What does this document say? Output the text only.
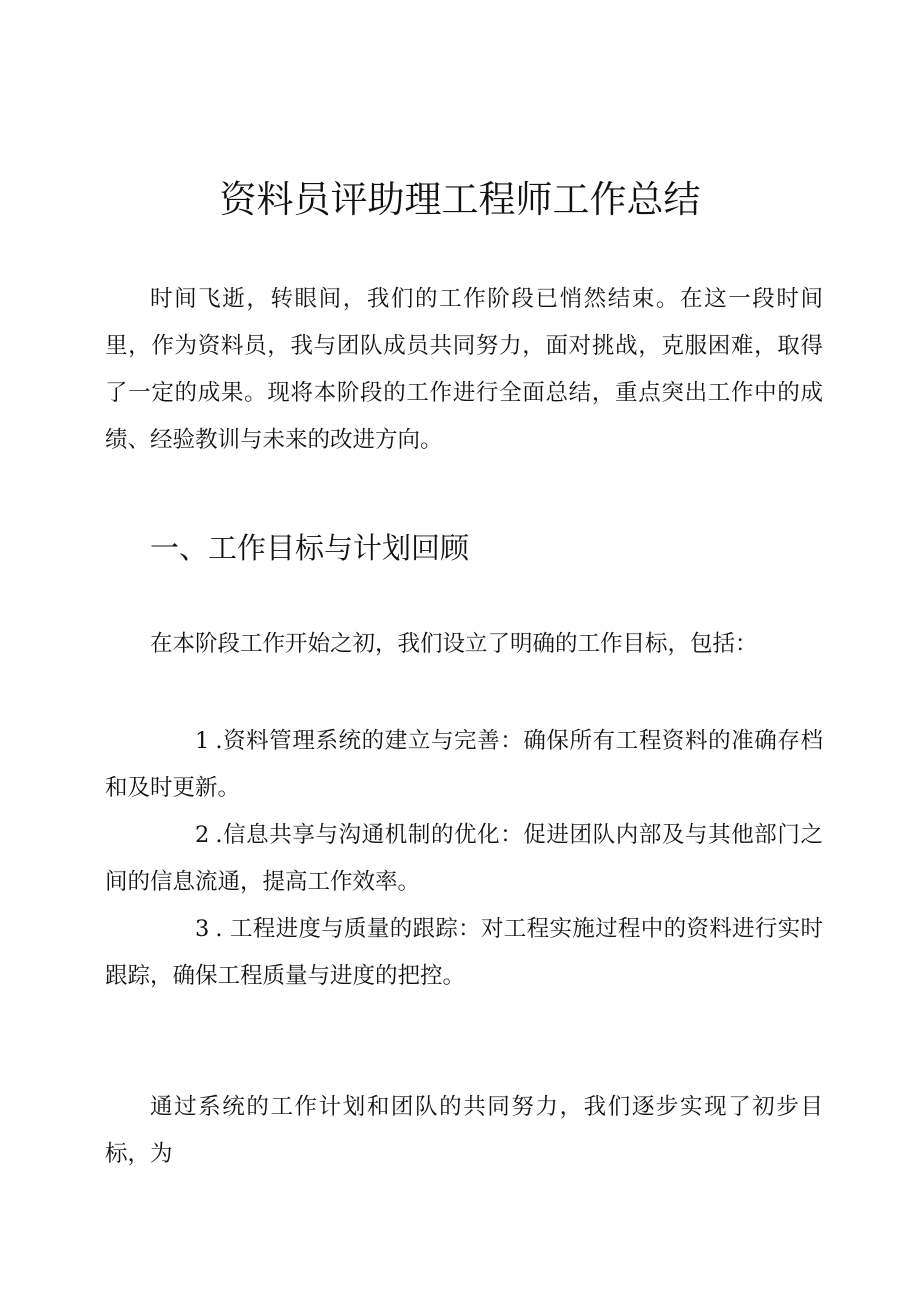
资料员评助理工程师工作总结

时间飞逝，转眼间，我们的工作阶段已悄然结束。在这一段时间里，作为资料员，我与团队成员共同努力，面对挑战，克服困难，取得了一定的成果。现将本阶段的工作进行全面总结，重点突出工作中的成绩、经验教训与未来的改进方向。

一、工作目标与计划回顾

在本阶段工作开始之初，我们设立了明确的工作目标，包括：

1 .资料管理系统的建立与完善：确保所有工程资料的准确存档和及时更新。

2 .信息共享与沟通机制的优化：促进团队内部及与其他部门之间的信息流通，提高工作效率。

3 . 工程进度与质量的跟踪：对工程实施过程中的资料进行实时跟踪，确保工程质量与进度的把控。

通过系统的工作计划和团队的共同努力，我们逐步实现了初步目标，为
